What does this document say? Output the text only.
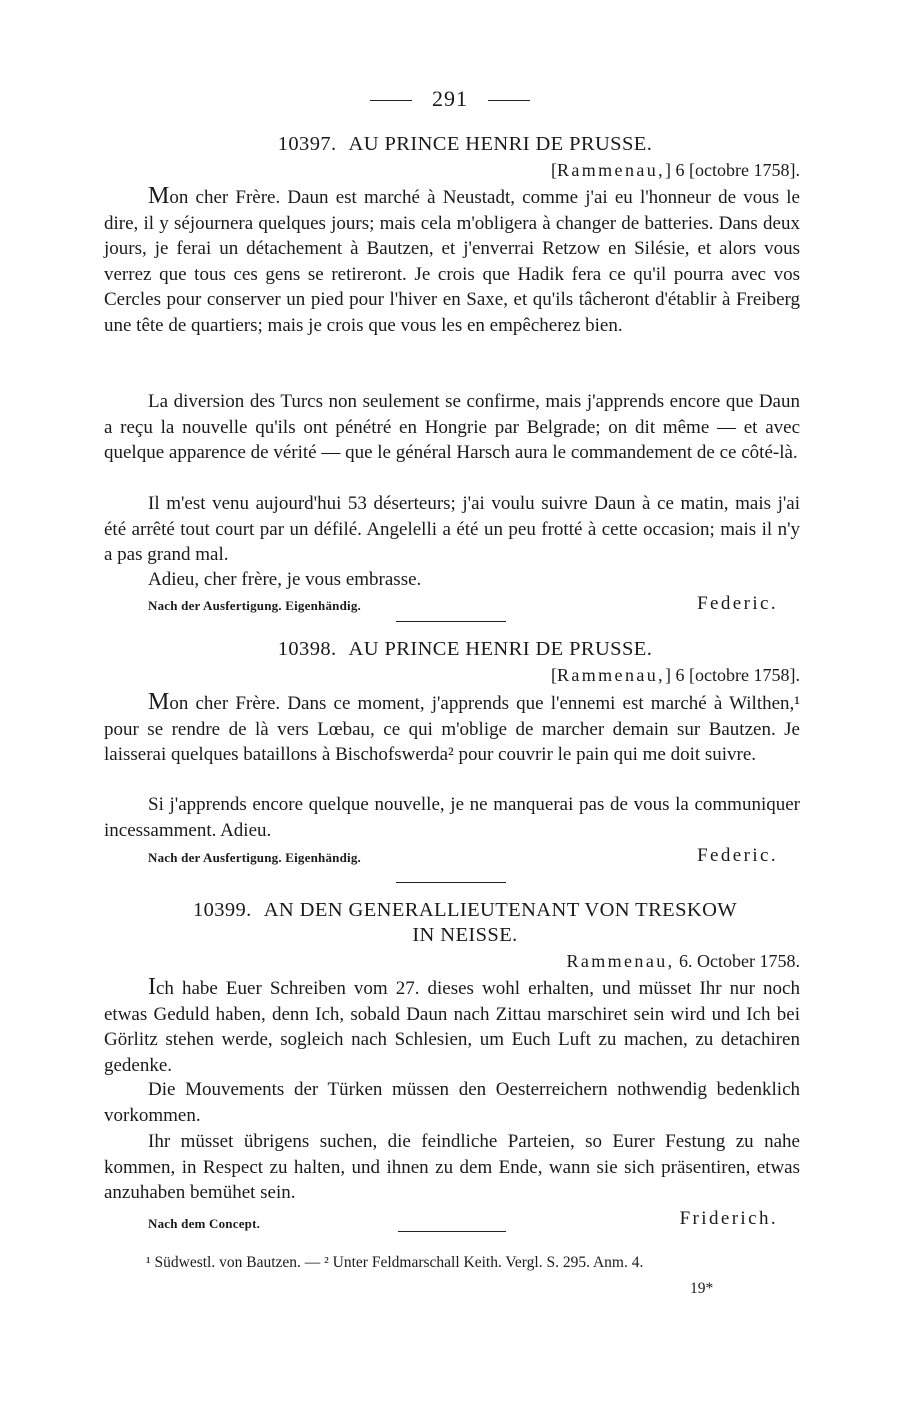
291
10397. AU PRINCE HENRI DE PRUSSE.
[Rammenau,] 6 [octobre 1758].

Mon cher Frère. Daun est marché à Neustadt, comme j'ai eu l'honneur de vous le dire, il y séjournera quelques jours; mais cela m'obligera à changer de batteries. Dans deux jours, je ferai un détachement à Bautzen, et j'enverrai Retzow en Silésie, et alors vous verrez que tous ces gens se retireront. Je crois que Hadik fera ce qu'il pourra avec vos Cercles pour conserver un pied pour l'hiver en Saxe, et qu'ils tâcheront d'établir à Freiberg une tête de quartiers; mais je crois que vous les en empêcherez bien.

La diversion des Turcs non seulement se confirme, mais j'apprends encore que Daun a reçu la nouvelle qu'ils ont pénétré en Hongrie par Belgrade; on dit même — et avec quelque apparence de vérité — que le général Harsch aura le commandement de ce côté-là.

Il m'est venu aujourd'hui 53 déserteurs; j'ai voulu suivre Daun à ce matin, mais j'ai été arrêté tout court par un défilé. Angelelli a été un peu frotté à cette occasion; mais il n'y a pas grand mal.

Adieu, cher frère, je vous embrasse.

Nach der Ausfertigung. Eigenhändig.	Federic.
10398. AU PRINCE HENRI DE PRUSSE.
[Rammenau,] 6 [octobre 1758].

Mon cher Frère. Dans ce moment, j'apprends que l'ennemi est marché à Wilthen,¹ pour se rendre de là vers Lœbau, ce qui m'oblige de marcher demain sur Bautzen. Je laisserai quelques bataillons à Bischofswerda² pour couvrir le pain qui me doit suivre.

Si j'apprends encore quelque nouvelle, je ne manquerai pas de vous la communiquer incessamment. Adieu.

Nach der Ausfertigung. Eigenhändig.	Federic.
10399. AN DEN GENERALLIEUTENANT VON TRESKOW
IN NEISSE.
Rammenau, 6. October 1758.

Ich habe Euer Schreiben vom 27. dieses wohl erhalten, und müsset Ihr nur noch etwas Geduld haben, denn Ich, sobald Daun nach Zittau marschiret sein wird und Ich bei Görlitz stehen werde, sogleich nach Schlesien, um Euch Luft zu machen, zu detachiren gedenke.

Die Mouvements der Türken müssen den Oesterreichern nothwendig bedenklich vorkommen.

Ihr müsset übrigens suchen, die feindliche Parteien, so Eurer Festung zu nahe kommen, in Respect zu halten, und ihnen zu dem Ende, wann sie sich präsentiren, etwas anzuhaben bemühet sein.

Nach dem Concept.	Friderich.
¹ Südwestl. von Bautzen. — ² Unter Feldmarschall Keith. Vergl. S. 295. Anm. 4.
19*
